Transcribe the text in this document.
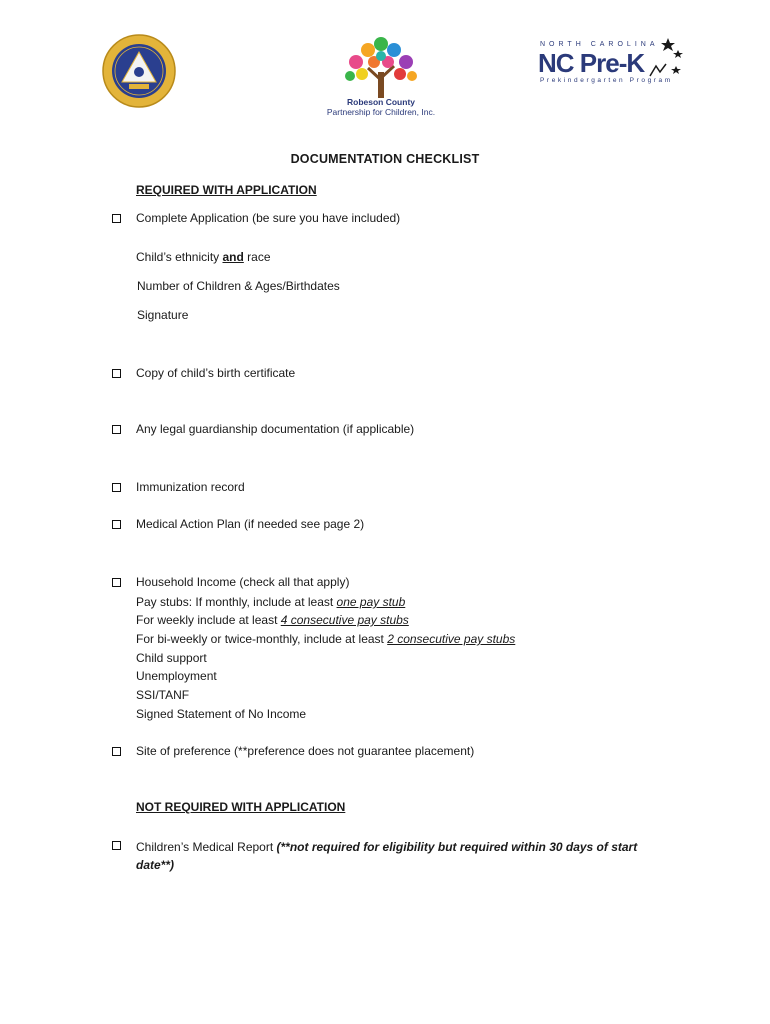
Robeson County
Partnership for Children, Inc.
NORTH CAROLINA
NC Pre-K
Prekindergarten Program
DOCUMENTATION CHECKLIST
REQUIRED WITH APPLICATION
Complete Application (be sure you have included)
Child’s ethnicity and race
Number of Children & Ages/Birthdates
Signature
Copy of child’s birth certificate
Any legal guardianship documentation (if applicable)
Immunization record
Medical Action Plan (if needed see page 2)
Household Income (check all that apply)
Pay stubs: If monthly, include at least one pay stub
For weekly include at least 4 consecutive pay stubs
For bi-weekly or twice-monthly, include at least 2 consecutive pay stubs
Child support
Unemployment
SSI/TANF
Signed Statement of No Income
Site of preference (**preference does not guarantee placement)
NOT REQUIRED WITH APPLICATION
Children’s Medical Report (**not required for eligibility but required within 30 days of start date**)
